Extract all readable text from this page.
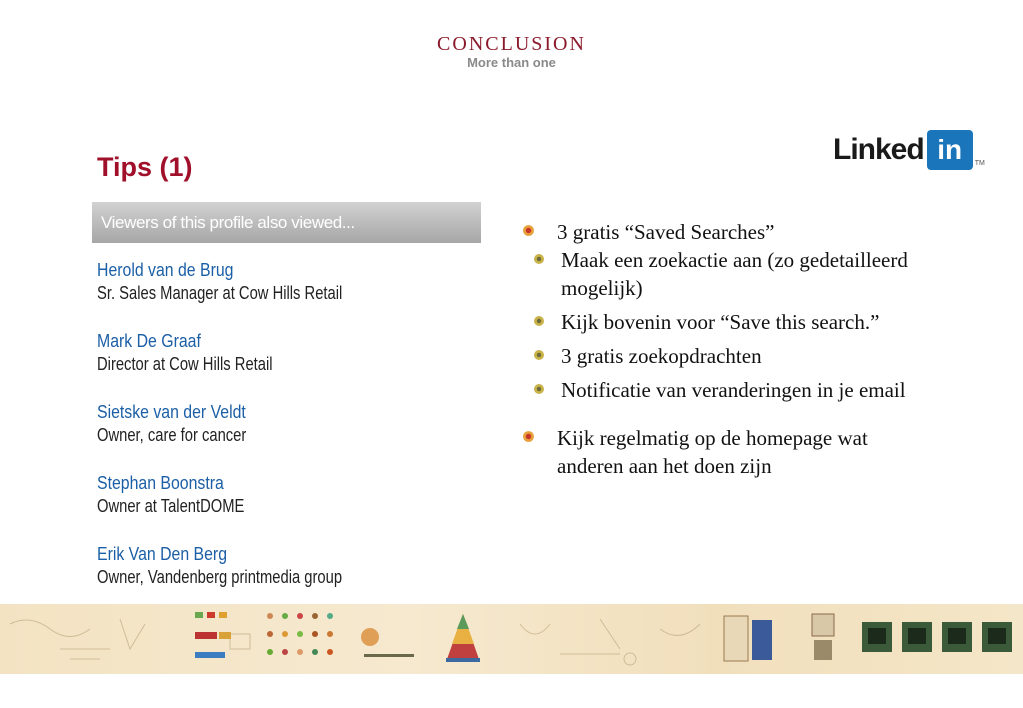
CONCLUSION
More than one
Tips (1)
Linked in	TM
Viewers of this profile also viewed...
Herold van de Brug
Sr. Sales Manager at Cow Hills Retail
Mark De Graaf
Director at Cow Hills Retail
Sietske van der Veldt
Owner, care for cancer
Stephan Boonstra
Owner at TalentDOME
Erik Van Den Berg
Owner, Vandenberg printmedia group
3 gratis “Saved Searches”
Maak een zoekactie aan (zo gedetailleerd mogelijk)
Kijk bovenin voor “Save this search.”
3 gratis zoekopdrachten
Notificatie van veranderingen in je email
Kijk regelmatig op de homepage wat anderen aan het doen zijn
